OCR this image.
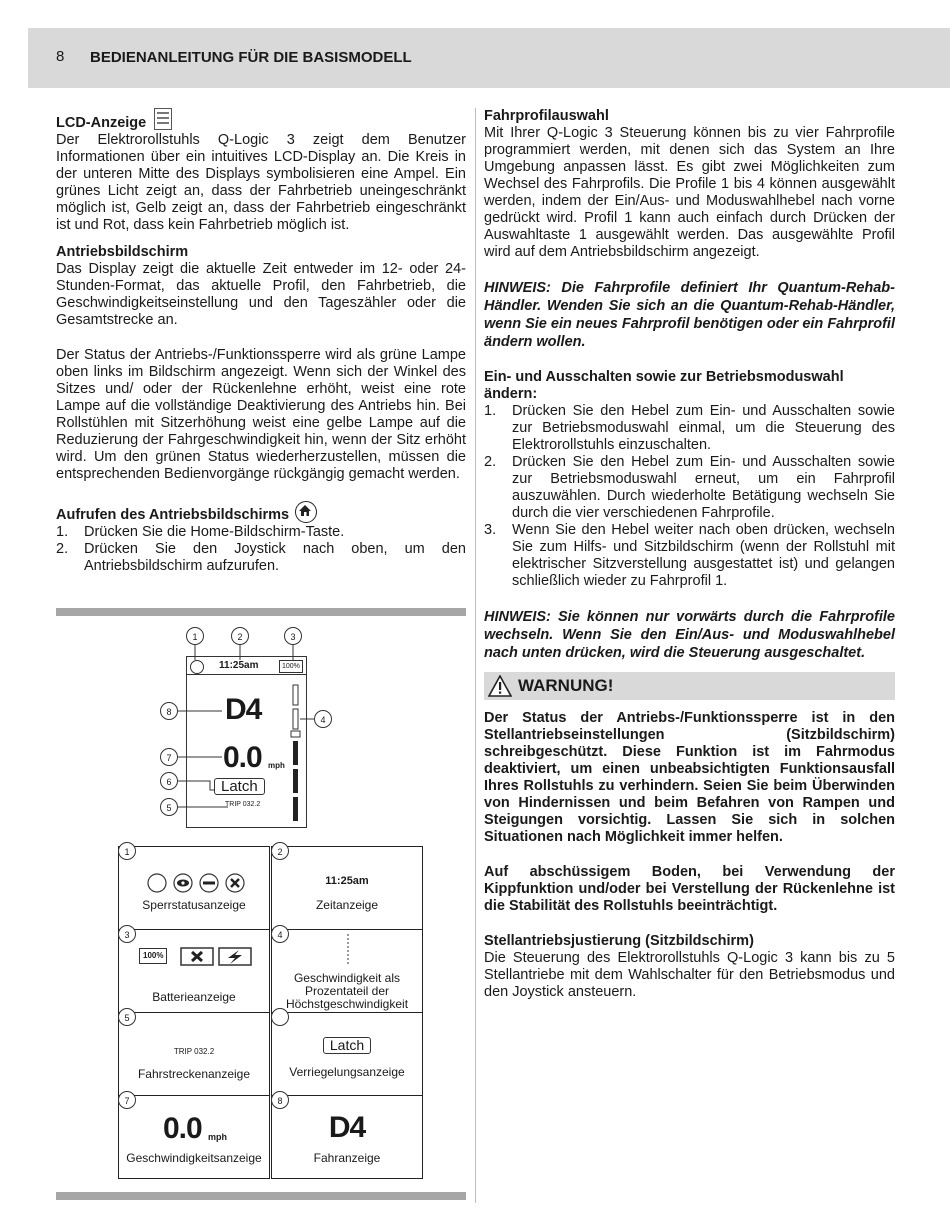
8 BEDIENANLEITUNG FÜR DIE BASISMODELL
LCD-Anzeige

Der Elektrorollstuhls Q-Logic 3 zeigt dem Benutzer Informationen über ein intuitives LCD-Display an. Die Kreis in der unteren Mitte des Displays symbolisieren eine Ampel. Ein grünes Licht zeigt an, dass der Fahrbetrieb uneingeschränkt möglich ist, Gelb zeigt an, dass der Fahrbetrieb eingeschränkt ist und Rot, dass kein Fahrbetrieb möglich ist.

Antriebsbildschirm

Das Display zeigt die aktuelle Zeit entweder im 12- oder 24-Stunden-Format, das aktuelle Profil, den Fahrbetrieb, die Geschwindigkeitseinstellung und den Tageszähler oder die Gesamtstrecke an.

Der Status der Antriebs-/Funktionssperre wird als grüne Lampe oben links im Bildschirm angezeigt. Wenn sich der Winkel des Sitzes und/ oder der Rückenlehne erhöht, weist eine rote Lampe auf die vollständige Deaktivierung des Antriebs hin. Bei Rollstühlen mit Sitzerhöhung weist eine gelbe Lampe auf die Reduzierung der Fahrgeschwindigkeit hin, wenn der Sitz erhöht wird. Um den grünen Status wiederherzustellen, müssen die entsprechenden Bedienvorgänge rückgängig gemacht werden.

Aufrufen des Antriebsbildschirms
1.	Drücken Sie die Home-Bildschirm-Taste.
2.	Drücken Sie den Joystick nach oben, um den Antriebsbildschirm aufzurufen.
1	2	3
4
8
7
6
5
11:25am	100%
D4
0.0 mph
Latch
TRIP 032.2
Sperrstatusanzeige
1
11:25am
Zeitanzeige
2
100%
Batterieanzeige
3
Geschwindigkeit als Prozentateil der Höchstgeschwindigkeit
4
TRIP 032.2
Fahrstreckenanzeige
5
Latch
Verriegelungsanzeige
0.0 mph
Geschwindigkeitsanzeige
7
D4
Fahranzeige
8
Fahrprofilauswahl

Mit Ihrer Q-Logic 3 Steuerung können bis zu vier Fahrprofile programmiert werden, mit denen sich das System an Ihre Umgebung anpassen lässt. Es gibt zwei Möglichkeiten zum Wechsel des Fahrprofils. Die Profile 1 bis 4 können ausgewählt werden, indem der Ein/Aus- und Moduswahlhebel nach vorne gedrückt wird. Profil 1 kann auch einfach durch Drücken der Auswahltaste 1 ausgewählt werden. Das ausgewählte Profil wird auf dem Antriebsbildschirm angezeigt.

HINWEIS: Die Fahrprofile definiert Ihr Quantum-Rehab-Händler. Wenden Sie sich an die Quantum-Rehab-Händler, wenn Sie ein neues Fahrprofil benötigen oder ein Fahrprofil ändern wollen.
Ein- und Ausschalten sowie zur Betriebsmoduswahl ändern:
1.	Drücken Sie den Hebel zum Ein- und Ausschalten sowie zur Betriebsmoduswahl einmal, um die Steuerung des Elektrorollstuhls einzuschalten.
2.	Drücken Sie den Hebel zum Ein- und Ausschalten sowie zur Betriebsmoduswahl erneut, um ein Fahrprofil auszuwählen. Durch wiederholte Betätigung wechseln Sie durch die vier verschiedenen Fahrprofile.
3.	Wenn Sie den Hebel weiter nach oben drücken, wechseln Sie zum Hilfs- und Sitzbildschirm (wenn der Rollstuhl mit elektrischer Sitzverstellung ausgestattet ist) und gelangen schließlich wieder zu Fahrprofil 1.
HINWEIS: Sie können nur vorwärts durch die Fahrprofile wechseln. Wenn Sie den Ein/Aus- und Moduswahlhebel nach unten drücken, wird die Steuerung ausgeschaltet.
WARNUNG!
Der Status der Antriebs-/Funktionssperre ist in den Stellantriebseinstellungen (Sitzbildschirm) schreibgeschützt. Diese Funktion ist im Fahrmodus deaktiviert, um einen unbeabsichtigten Funktionsausfall Ihres Rollstuhls zu verhindern. Seien Sie beim Überwinden von Hindernissen und beim Befahren von Rampen und Steigungen vorsichtig. Lassen Sie sich in solchen Situationen nach Möglichkeit immer helfen.
Auf abschüssigem Boden, bei Verwendung der Kippfunktion und/oder bei Verstellung der Rückenlehne ist die Stabilität des Rollstuhls beeinträchtigt.
Stellantriebsjustierung (Sitzbildschirm)

Die Steuerung des Elektrorollstuhls Q-Logic 3 kann bis zu 5 Stellantriebe mit dem Wahlschalter für den Betriebsmodus und den Joystick ansteuern.
